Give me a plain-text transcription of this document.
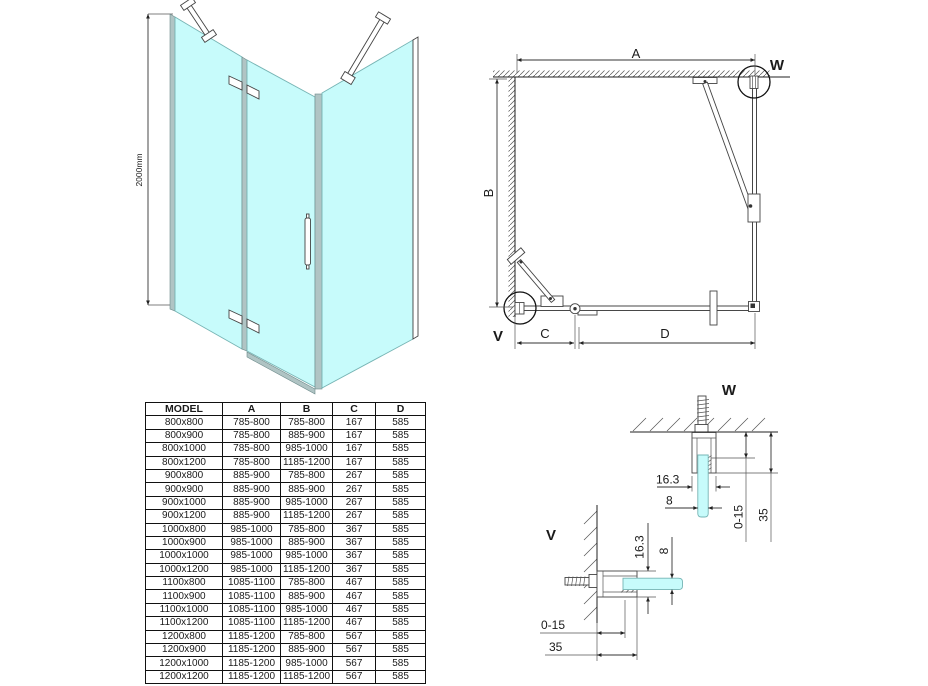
2000mm
A
B
C	D
V
W
W
16.3
8
0-15 35
V	16.3 8
0-15
35
MODEL	A	B	C	D
800x800	785-800	785-800	167	585
800x900	785-800	885-900	167	585
800x1000	785-800	985-1000	167	585
800x1200	785-800	1185-1200	167	585
900x800	885-900	785-800	267	585
900x900	885-900	885-900	267	585
900x1000	885-900	985-1000	267	585
900x1200	885-900	1185-1200	267	585
1000x800	985-1000	785-800	367	585
1000x900	985-1000	885-900	367	585
1000x1000	985-1000	985-1000	367	585
1000x1200	985-1000	1185-1200	367	585
1100x800	1085-1100	785-800	467	585
1100x900	1085-1100	885-900	467	585
1100x1000	1085-1100	985-1000	467	585
1100x1200	1085-1100	1185-1200	467	585
1200x800	1185-1200	785-800	567	585
1200x900	1185-1200	885-900	567	585
1200x1000	1185-1200	985-1000	567	585
1200x1200	1185-1200	1185-1200	567	585
